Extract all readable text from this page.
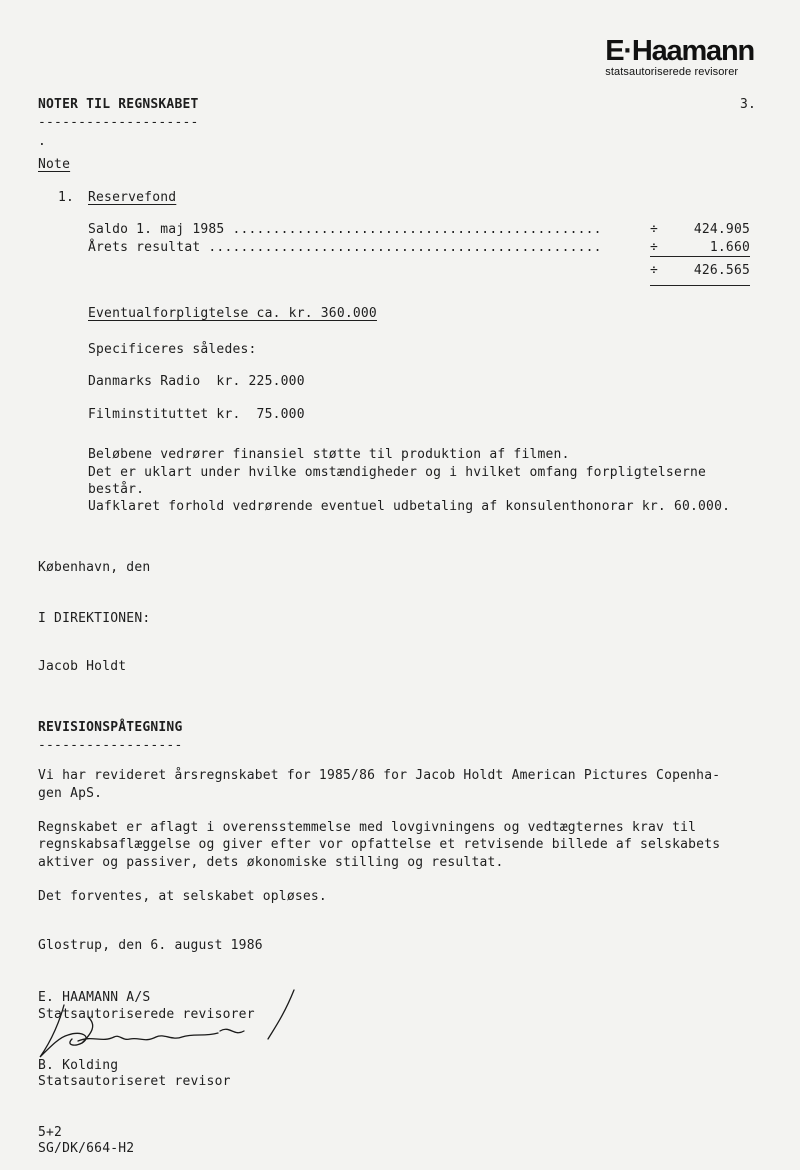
E·Haamann
statsautoriserede revisorer
NOTER TIL REGNSKABET
--------------------
3.
.
Note
1. Reservefond
Saldo 1. maj 1985 ..............................................	÷	424.905
Årets resultat .................................................	÷	1.660
÷	426.565
Eventualforpligtelse ca. kr. 360.000
Specificeres således:
Danmarks Radio  kr. 225.000
Filminstituttet kr.  75.000
Beløbene vedrører finansiel støtte til produktion af filmen.
Det er uklart under hvilke omstændigheder og i hvilket omfang forpligtelserne
består.
Uafklaret forhold vedrørende eventuel udbetaling af konsulenthonorar kr. 60.000.
København, den
I DIREKTIONEN:
Jacob Holdt
REVISIONSPÅTEGNING
------------------
Vi har revideret årsregnskabet for 1985/86 for Jacob Holdt American Pictures Copenha-
gen ApS.
Regnskabet er aflagt i overensstemmelse med lovgivningens og vedtægternes krav til
regnskabsaflæggelse og giver efter vor opfattelse et retvisende billede af selskabets
aktiver og passiver, dets økonomiske stilling og resultat.
Det forventes, at selskabet opløses.
Glostrup, den 6. august 1986
E. HAAMANN A/S
Statsautoriserede revisorer
B. Kolding
Statsautoriseret revisor
5+2
SG/DK/664-H2
